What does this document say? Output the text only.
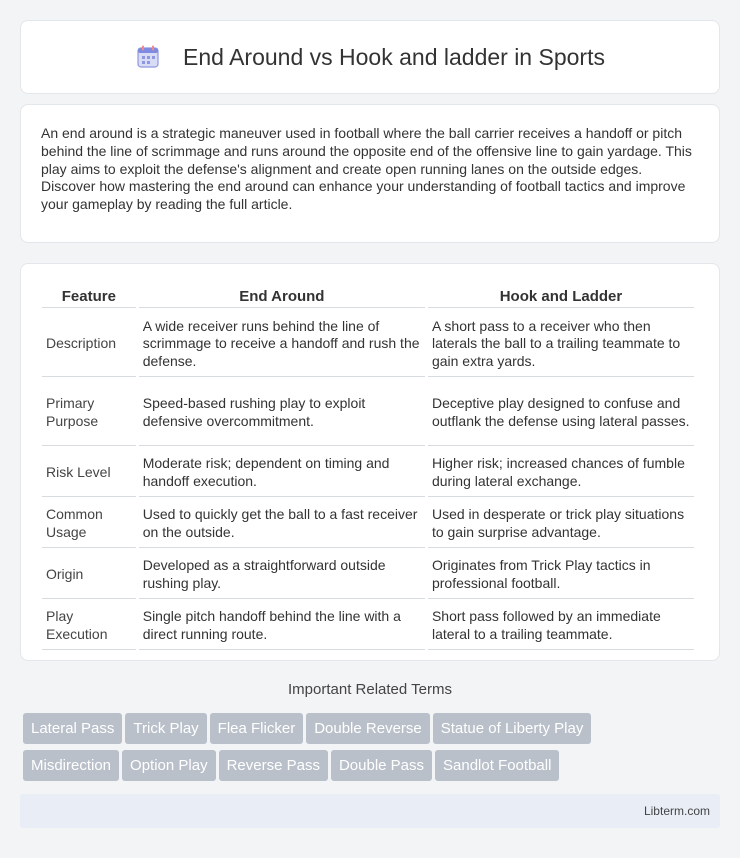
End Around vs Hook and ladder in Sports

An end around is a strategic maneuver used in football where the ball carrier receives a handoff or pitch behind the line of scrimmage and runs around the opposite end of the offensive line to gain yardage. This play aims to exploit the defense's alignment and create open running lanes on the outside edges. Discover how mastering the end around can enhance your understanding of football tactics and improve your gameplay by reading the full article.

Feature	End Around	Hook and Ladder
Description	A wide receiver runs behind the line of scrimmage to receive a handoff and rush the defense.	A short pass to a receiver who then laterals the ball to a trailing teammate to gain extra yards.
Primary Purpose	Speed-based rushing play to exploit defensive overcommitment.	Deceptive play designed to confuse and outflank the defense using lateral passes.
Risk Level	Moderate risk; dependent on timing and handoff execution.	Higher risk; increased chances of fumble during lateral exchange.
Common Usage	Used to quickly get the ball to a fast receiver on the outside.	Used in desperate or trick play situations to gain surprise advantage.
Origin	Developed as a straightforward outside rushing play.	Originates from Trick Play tactics in professional football.
Play Execution	Single pitch handoff behind the line with a direct running route.	Short pass followed by an immediate lateral to a trailing teammate.
Important Related Terms
Lateral Pass Trick Play Flea Flicker Double Reverse Statue of Liberty Play
Misdirection Option Play Reverse Pass Double Pass Sandlot Football
Libterm.com
